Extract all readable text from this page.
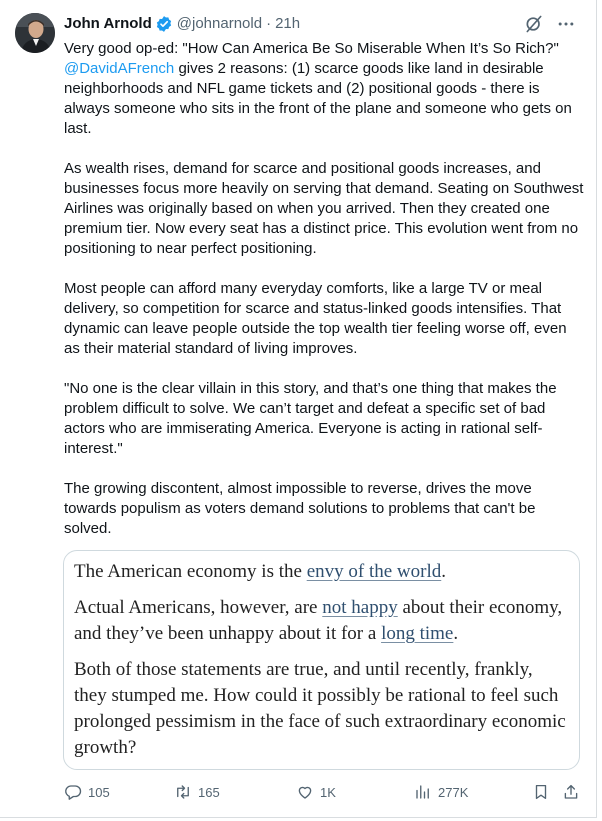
John Arnold @johnarnold · 21h

Very good op-ed: "How Can America Be So Miserable When It’s So Rich?" @DavidAFrench gives 2 reasons: (1) scarce goods like land in desirable neighborhoods and NFL game tickets and (2) positional goods - there is always someone who sits in the front of the plane and someone who gets on last.

As wealth rises, demand for scarce and positional goods increases, and businesses focus more heavily on serving that demand. Seating on Southwest Airlines was originally based on when you arrived. Then they created one premium tier. Now every seat has a distinct price. This evolution went from no positioning to near perfect positioning.

Most people can afford many everyday comforts, like a large TV or meal delivery, so competition for scarce and status-linked goods intensifies. That dynamic can leave people outside the top wealth tier feeling worse off, even as their material standard of living improves.

"No one is the clear villain in this story, and that’s one thing that makes the problem difficult to solve. We can’t target and defeat a specific set of bad actors who are immiserating America. Everyone is acting in rational self-interest."

The growing discontent, almost impossible to reverse, drives the move towards populism as voters demand solutions to problems that can't be solved.

The American economy is the envy of the world.

Actual Americans, however, are not happy about their economy, and they’ve been unhappy about it for a long time.

Both of those statements are true, and until recently, frankly, they stumped me. How could it possibly be rational to feel such prolonged pessimism in the face of such extraordinary economic growth?

105	165	1K	277K
